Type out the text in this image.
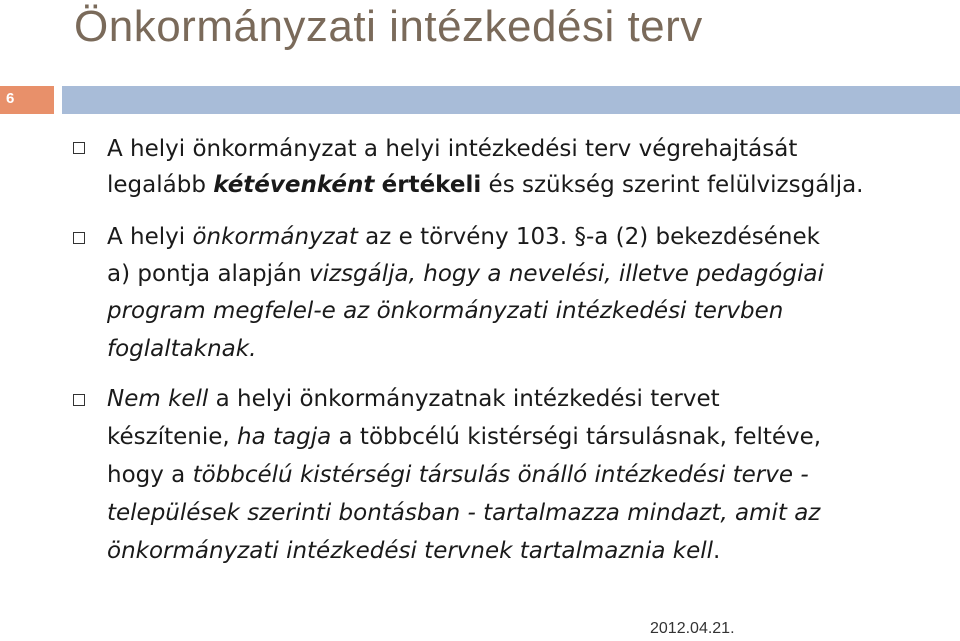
Önkormányzati intézkedési terv
6
A helyi önkormányzat a helyi intézkedési terv végrehajtását
legalább kétévenként értékeli és szükség szerint felülvizsgálja.
A helyi önkormányzat az e törvény 103. §-a (2) bekezdésének
a) pontja alapján vizsgálja, hogy a nevelési, illetve pedagógiai
program megfelel-e az önkormányzati intézkedési tervben
foglaltaknak.
Nem kell a helyi önkormányzatnak intézkedési tervet
készítenie, ha tagja a többcélú kistérségi társulásnak, feltéve,
hogy a többcélú kistérségi társulás önálló intézkedési terve -
települések szerinti bontásban - tartalmazza mindazt, amit az
önkormányzati intézkedési tervnek tartalmaznia kell.
2012.04.21.
